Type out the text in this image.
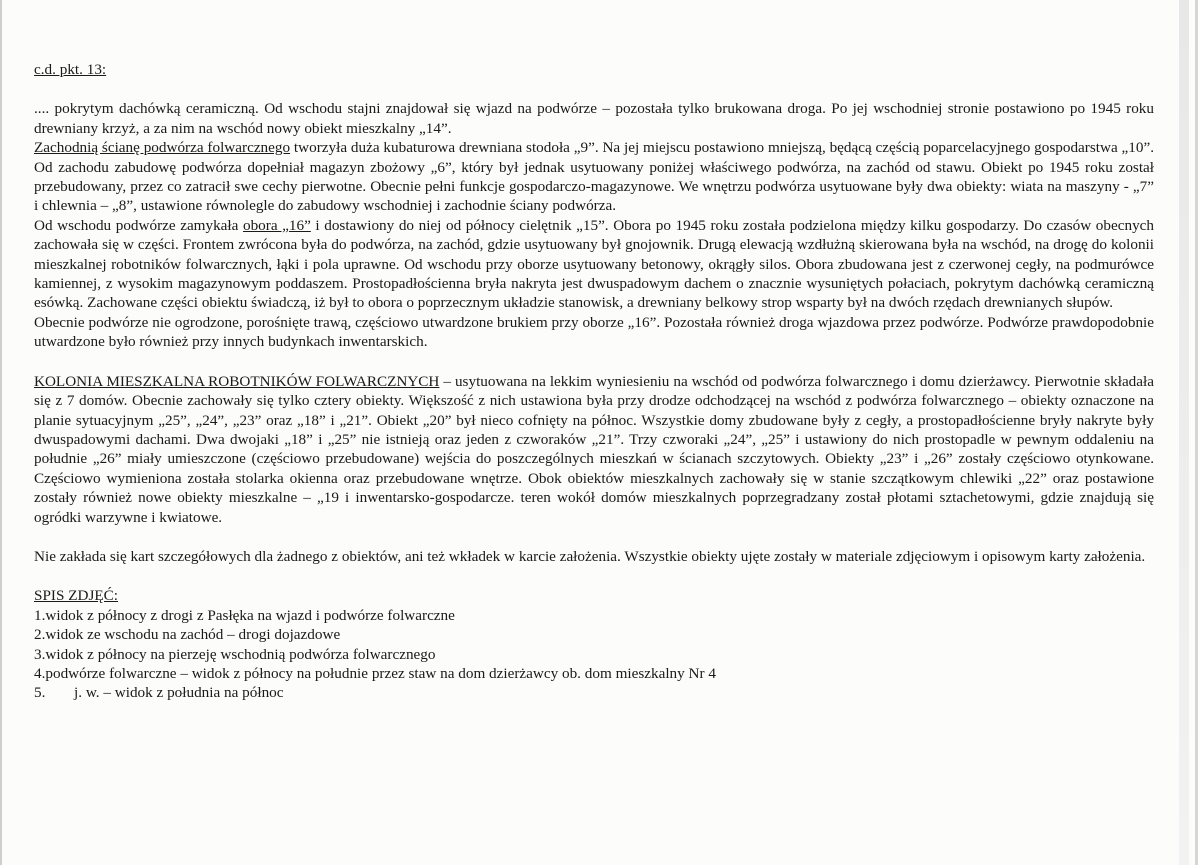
c.d. pkt. 13:

.... pokrytym dachówką ceramiczną. Od wschodu stajni znajdował się wjazd na podwórze – pozostała tylko brukowana droga. Po jej wschodniej stronie postawiono po 1945 roku drewniany krzyż, a za nim na wschód nowy obiekt mieszkalny „14”.

Zachodnią ścianę podwórza folwarcznego tworzyła duża kubaturowa drewniana stodoła „9”. Na jej miejscu postawiono mniejszą, będącą częścią poparcelacyjnego gospodarstwa „10”. Od zachodu zabudowę podwórza dopełniał magazyn zbożowy „6”, który był jednak usytuowany poniżej właściwego podwórza, na zachód od stawu. Obiekt po 1945 roku został przebudowany, przez co zatracił swe cechy pierwotne. Obecnie pełni funkcje gospodarczo-magazynowe. We wnętrzu podwórza usytuowane były dwa obiekty: wiata na maszyny - „7” i chlewnia – „8”, ustawione równolegle do zabudowy wschodniej i zachodnie ściany podwórza.

Od wschodu podwórze zamykała obora „16” i dostawiony do niej od północy cielętnik „15”. Obora po 1945 roku została podzielona między kilku gospodarzy. Do czasów obecnych zachowała się w części. Frontem zwrócona była do podwórza, na zachód, gdzie usytuowany był gnojownik. Drugą elewacją wzdłużną skierowana była na wschód, na drogę do kolonii mieszkalnej robotników folwarcznych, łąki i pola uprawne. Od wschodu przy oborze usytuowany betonowy, okrągły silos. Obora zbudowana jest z czerwonej cegły, na podmurówce kamiennej, z wysokim magazynowym poddaszem. Prostopadłościenna bryła nakryta jest dwuspadowym dachem o znacznie wysuniętych połaciach, pokrytym dachówką ceramiczną esówką. Zachowane części obiektu świadczą, iż był to obora o poprzecznym układzie stanowisk, a drewniany belkowy strop wsparty był na dwóch rzędach drewnianych słupów.

Obecnie podwórze nie ogrodzone, porośnięte trawą, częściowo utwardzone brukiem przy oborze „16”. Pozostała również droga wjazdowa przez podwórze. Podwórze prawdopodobnie utwardzone było również przy innych budynkach inwentarskich.

KOLONIA MIESZKALNA ROBOTNIKÓW FOLWARCZNYCH – usytuowana na lekkim wyniesieniu na wschód od podwórza folwarcznego i domu dzierżawcy. Pierwotnie składała się z 7 domów. Obecnie zachowały się tylko cztery obiekty. Większość z nich ustawiona była przy drodze odchodzącej na wschód z podwórza folwarcznego – obiekty oznaczone na planie sytuacyjnym „25”, „24”, „23” oraz „18” i „21”. Obiekt „20” był nieco cofnięty na północ. Wszystkie domy zbudowane były z cegły, a prostopadłościenne bryły nakryte były dwuspadowymi dachami. Dwa dwojaki „18” i „25” nie istnieją oraz jeden z czworaków „21”. Trzy czworaki „24”, „25” i ustawiony do nich prostopadle w pewnym oddaleniu na południe „26” miały umieszczone (częściowo przebudowane) wejścia do poszczególnych mieszkań w ścianach szczytowych. Obiekty „23” i „26” zostały częściowo otynkowane. Częściowo wymieniona została stolarka okienna oraz przebudowane wnętrze. Obok obiektów mieszkalnych zachowały się w stanie szczątkowym chlewiki „22” oraz postawione zostały również nowe obiekty mieszkalne – „19 i inwentarsko-gospodarcze. teren wokół domów mieszkalnych poprzegradzany został płotami sztachetowymi, gdzie znajdują się ogródki warzywne i kwiatowe.

Nie zakłada się kart szczegółowych dla żadnego z obiektów, ani też wkładek w karcie założenia. Wszystkie obiekty ujęte zostały w materiale zdjęciowym i opisowym karty założenia.

SPIS ZDJĘĆ:

1.widok z północy z drogi z Pasłęka na wjazd i podwórze folwarczne

2.widok ze wschodu na zachód – drogi dojazdowe

3.widok z północy na pierzeję wschodnią podwórza folwarcznego

4.podwórze folwarczne – widok z północy na południe przez staw na dom dzierżawcy ob. dom mieszkalny Nr 4

5. j. w. – widok z południa na północ
